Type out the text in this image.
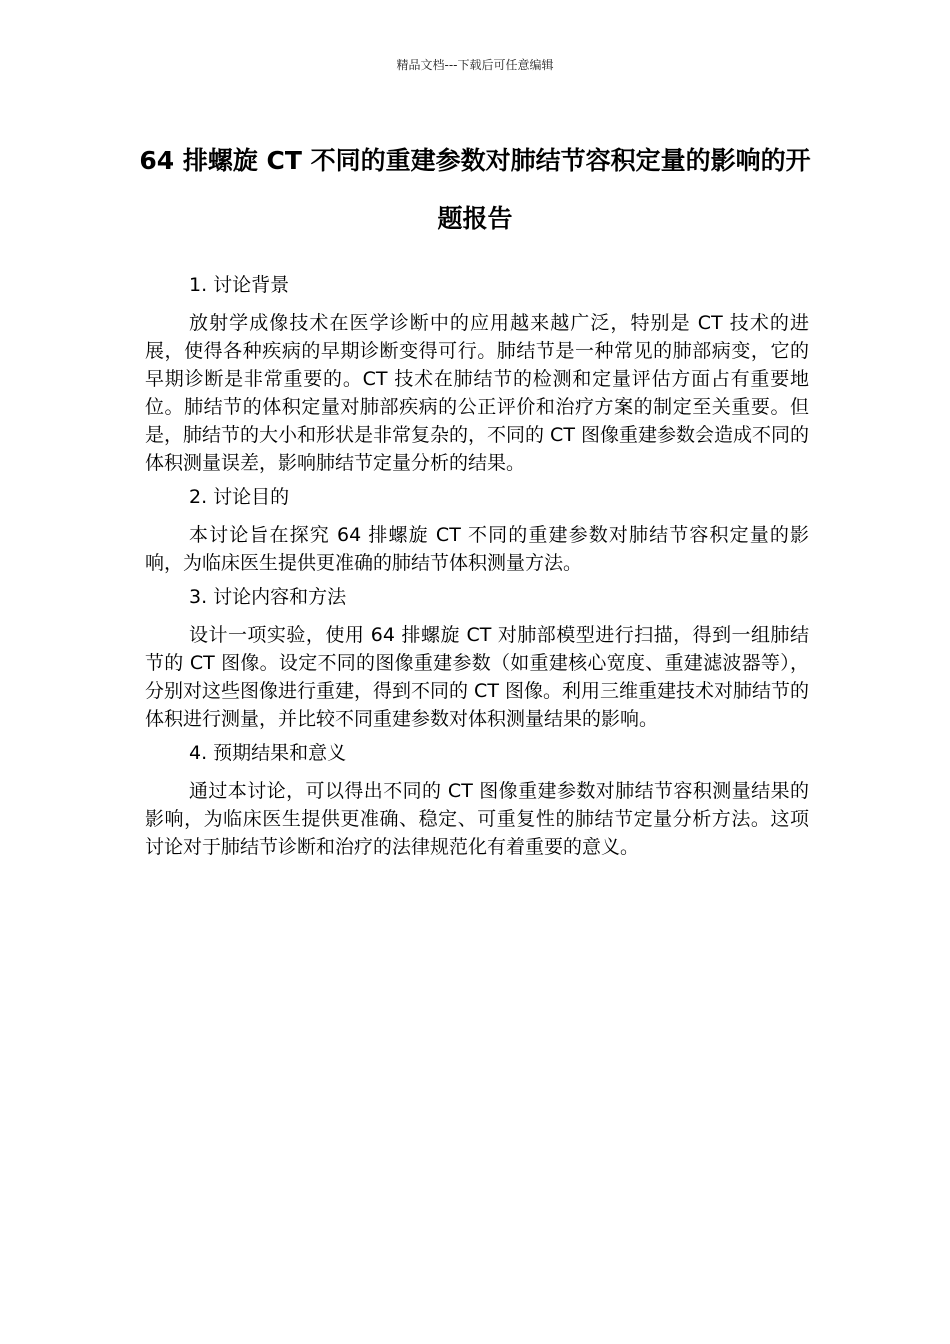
精品文档---下载后可任意编辑
64 排螺旋 CT 不同的重建参数对肺结节容积定量的影响的开题报告
1. 讨论背景

放射学成像技术在医学诊断中的应用越来越广泛，特别是 CT 技术的进展，使得各种疾病的早期诊断变得可行。肺结节是一种常见的肺部病变，它的早期诊断是非常重要的。CT 技术在肺结节的检测和定量评估方面占有重要地位。肺结节的体积定量对肺部疾病的公正评价和治疗方案的制定至关重要。但是，肺结节的大小和形状是非常复杂的，不同的 CT 图像重建参数会造成不同的体积测量误差，影响肺结节定量分析的结果。

2. 讨论目的

本讨论旨在探究 64 排螺旋 CT 不同的重建参数对肺结节容积定量的影响，为临床医生提供更准确的肺结节体积测量方法。

3. 讨论内容和方法

设计一项实验，使用 64 排螺旋 CT 对肺部模型进行扫描，得到一组肺结节的 CT 图像。设定不同的图像重建参数（如重建核心宽度、重建滤波器等），分别对这些图像进行重建，得到不同的 CT 图像。利用三维重建技术对肺结节的体积进行测量，并比较不同重建参数对体积测量结果的影响。

4. 预期结果和意义

通过本讨论，可以得出不同的 CT 图像重建参数对肺结节容积测量结果的影响，为临床医生提供更准确、稳定、可重复性的肺结节定量分析方法。这项讨论对于肺结节诊断和治疗的法律规范化有着重要的意义。
